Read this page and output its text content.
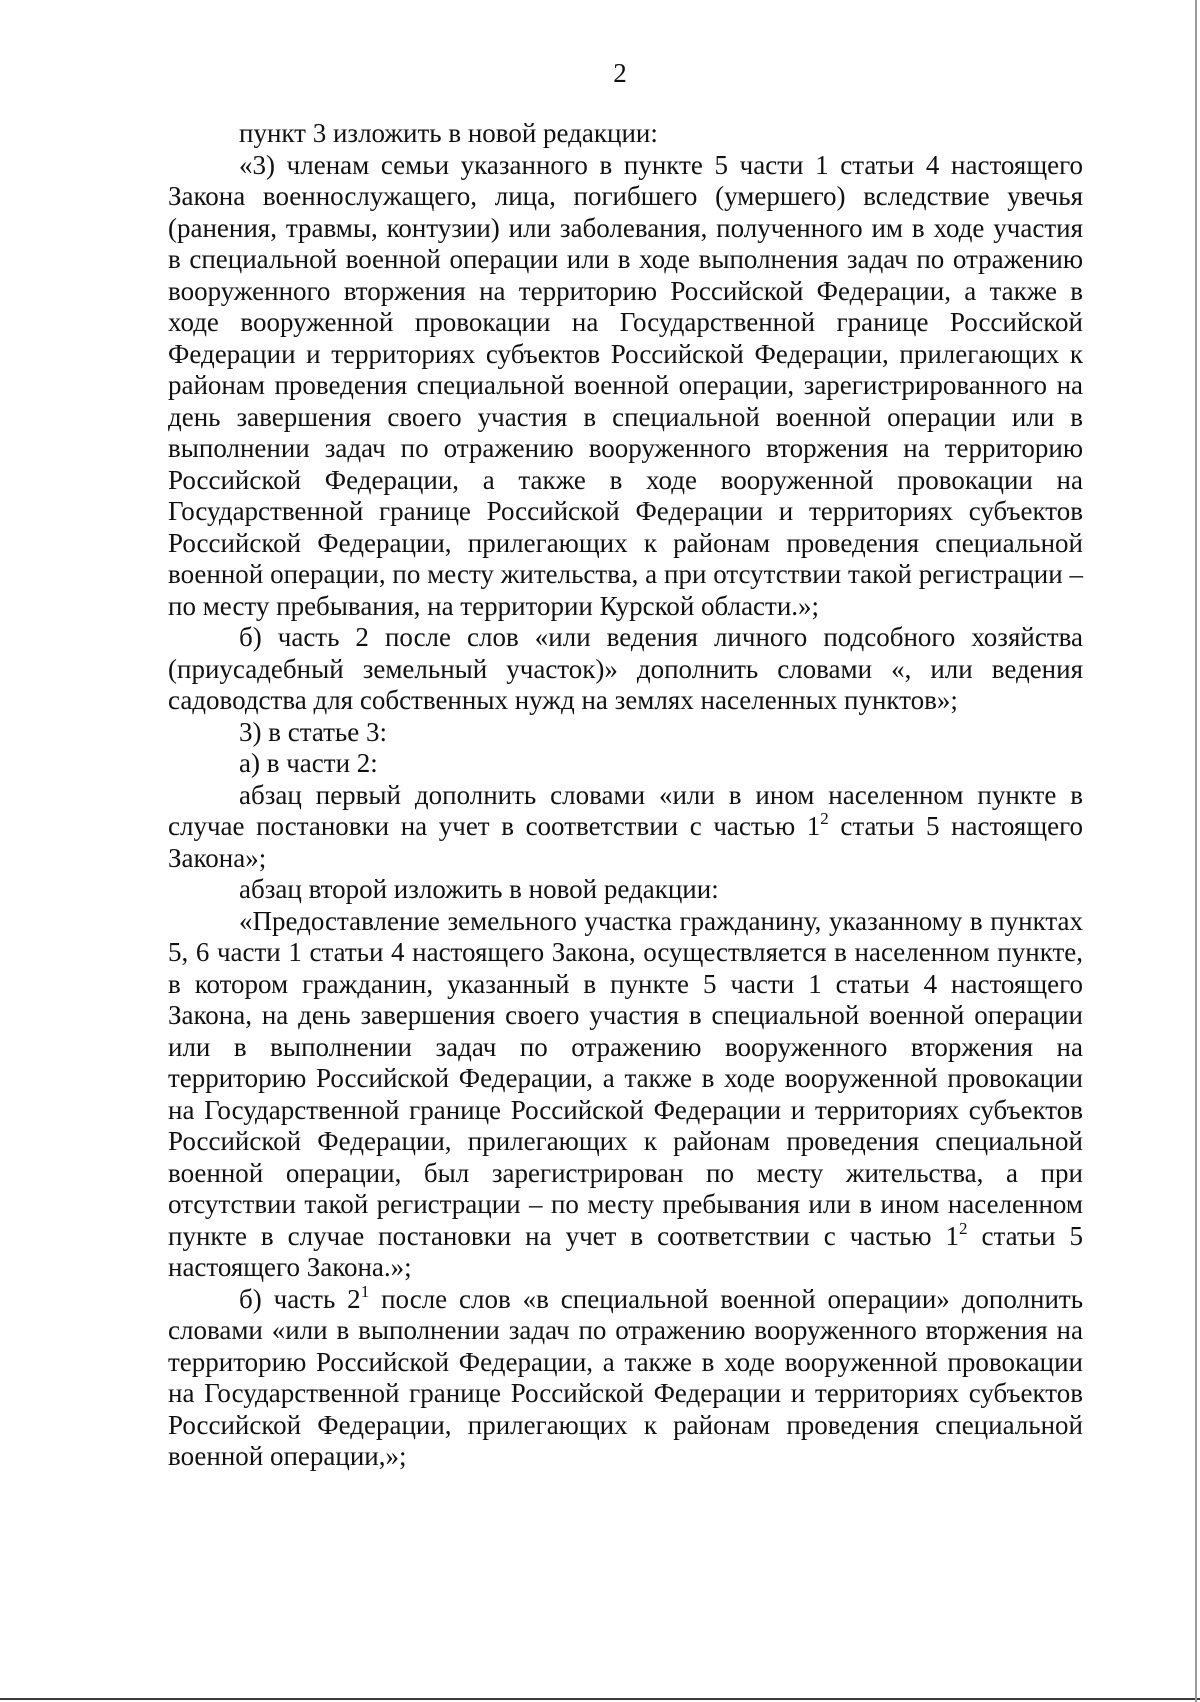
2

пункт 3 изложить в новой редакции:

«3) членам семьи указанного в пункте 5 части 1 статьи 4 настоящего Закона военнослужащего, лица, погибшего (умершего) вследствие увечья (ранения, травмы, контузии) или заболевания, полученного им в ходе участия в специальной военной операции или в ходе выполнения задач по отражению вооруженного вторжения на территорию Российской Федерации, а также в ходе вооруженной провокации на Государственной границе Российской Федерации и территориях субъектов Российской Федерации, прилегающих к районам проведения специальной военной операции, зарегистрированного на день завершения своего участия в специальной военной операции или в выполнении задач по отражению вооруженного вторжения на территорию Российской Федерации, а также в ходе вооруженной провокации на Государственной границе Российской Федерации и территориях субъектов Российской Федерации, прилегающих к районам проведения специальной военной операции, по месту жительства, а при отсутствии такой регистрации – по месту пребывания, на территории Курской области.»;

б) часть 2 после слов «или ведения личного подсобного хозяйства (приусадебный земельный участок)» дополнить словами «, или ведения садоводства для собственных нужд на землях населенных пунктов»;

3) в статье 3:

а) в части 2:

абзац первый дополнить словами «или в ином населенном пункте в случае постановки на учет в соответствии с частью $1^2$ статьи 5 настоящего Закона»;

абзац второй изложить в новой редакции:

«Предоставление земельного участка гражданину, указанному в пунктах 5, 6 части 1 статьи 4 настоящего Закона, осуществляется в населенном пункте, в котором гражданин, указанный в пункте 5 части 1 статьи 4 настоящего Закона, на день завершения своего участия в специальной военной операции или в выполнении задач по отражению вооруженного вторжения на территорию Российской Федерации, а также в ходе вооруженной провокации на Государственной границе Российской Федерации и территориях субъектов Российской Федерации, прилегающих к районам проведения специальной военной операции, был зарегистрирован по месту жительства, а при отсутствии такой регистрации – по месту пребывания или в ином населенном пункте в случае постановки на учет в соответствии с частью $1^2$ статьи 5 настоящего Закона.»;

б) часть $2^1$ после слов «в специальной военной операции» дополнить словами «или в выполнении задач по отражению вооруженного вторжения на территорию Российской Федерации, а также в ходе вооруженной провокации на Государственной границе Российской Федерации и территориях субъектов Российской Федерации, прилегающих к районам проведения специальной военной операции,»;
